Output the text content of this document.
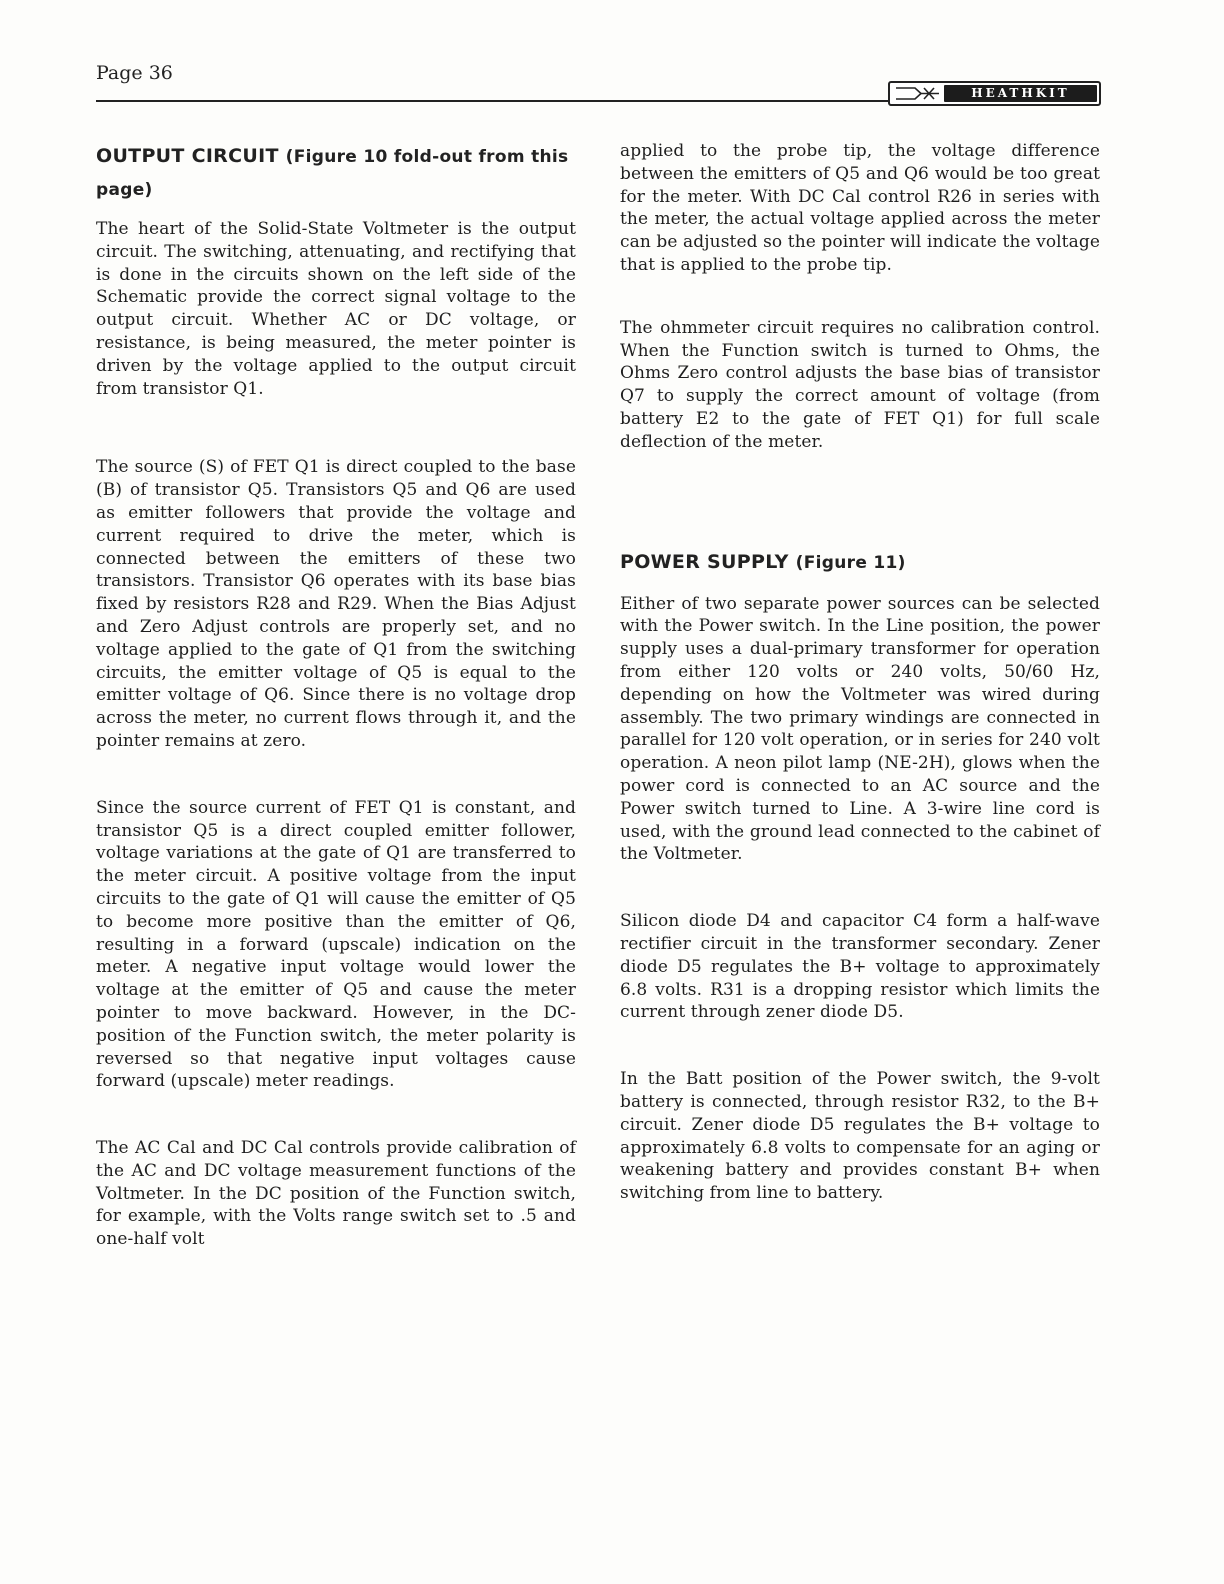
Page 36
HEATHKIT
OUTPUT CIRCUIT (Figure 10 fold-out from this page)

The heart of the Solid-State Voltmeter is the output circuit. The switching, attenuating, and rectifying that is done in the circuits shown on the left side of the Schematic provide the correct signal voltage to the output circuit. Whether AC or DC voltage, or resistance, is being measured, the meter pointer is driven by the voltage applied to the output circuit from transistor Q1.

The source (S) of FET Q1 is direct coupled to the base (B) of transistor Q5. Transistors Q5 and Q6 are used as emitter followers that provide the voltage and current required to drive the meter, which is connected between the emitters of these two transistors. Transistor Q6 operates with its base bias fixed by resistors R28 and R29. When the Bias Adjust and Zero Adjust controls are properly set, and no voltage applied to the gate of Q1 from the switching circuits, the emitter voltage of Q5 is equal to the emitter voltage of Q6. Since there is no voltage drop across the meter, no current flows through it, and the pointer remains at zero.

Since the source current of FET Q1 is constant, and transistor Q5 is a direct coupled emitter follower, voltage variations at the gate of Q1 are transferred to the meter circuit. A positive voltage from the input circuits to the gate of Q1 will cause the emitter of Q5 to become more positive than the emitter of Q6, resulting in a forward (upscale) indication on the meter. A negative input voltage would lower the voltage at the emitter of Q5 and cause the meter pointer to move backward. However, in the DC- position of the Function switch, the meter polarity is reversed so that negative input voltages cause forward (upscale) meter readings.

The AC Cal and DC Cal controls provide calibration of the AC and DC voltage measurement functions of the Voltmeter. In the DC position of the Function switch, for example, with the Volts range switch set to .5 and one-half volt

applied to the probe tip, the voltage difference between the emitters of Q5 and Q6 would be too great for the meter. With DC Cal control R26 in series with the meter, the actual voltage applied across the meter can be adjusted so the pointer will indicate the voltage that is applied to the probe tip.

The ohmmeter circuit requires no calibration control. When the Function switch is turned to Ohms, the Ohms Zero control adjusts the base bias of transistor Q7 to supply the correct amount of voltage (from battery E2 to the gate of FET Q1) for full scale deflection of the meter.

POWER SUPPLY (Figure 11)

Either of two separate power sources can be selected with the Power switch. In the Line position, the power supply uses a dual-primary transformer for operation from either 120 volts or 240 volts, 50/60 Hz, depending on how the Voltmeter was wired during assembly. The two primary windings are connected in parallel for 120 volt operation, or in series for 240 volt operation. A neon pilot lamp (NE-2H), glows when the power cord is connected to an AC source and the Power switch turned to Line. A 3-wire line cord is used, with the ground lead connected to the cabinet of the Voltmeter.

Silicon diode D4 and capacitor C4 form a half-wave rectifier circuit in the transformer secondary. Zener diode D5 regulates the B+ voltage to approximately 6.8 volts. R31 is a dropping resistor which limits the current through zener diode D5.

In the Batt position of the Power switch, the 9-volt battery is connected, through resistor R32, to the B+ circuit. Zener diode D5 regulates the B+ voltage to approximately 6.8 volts to compensate for an aging or weakening battery and provides constant B+ when switching from line to battery.
